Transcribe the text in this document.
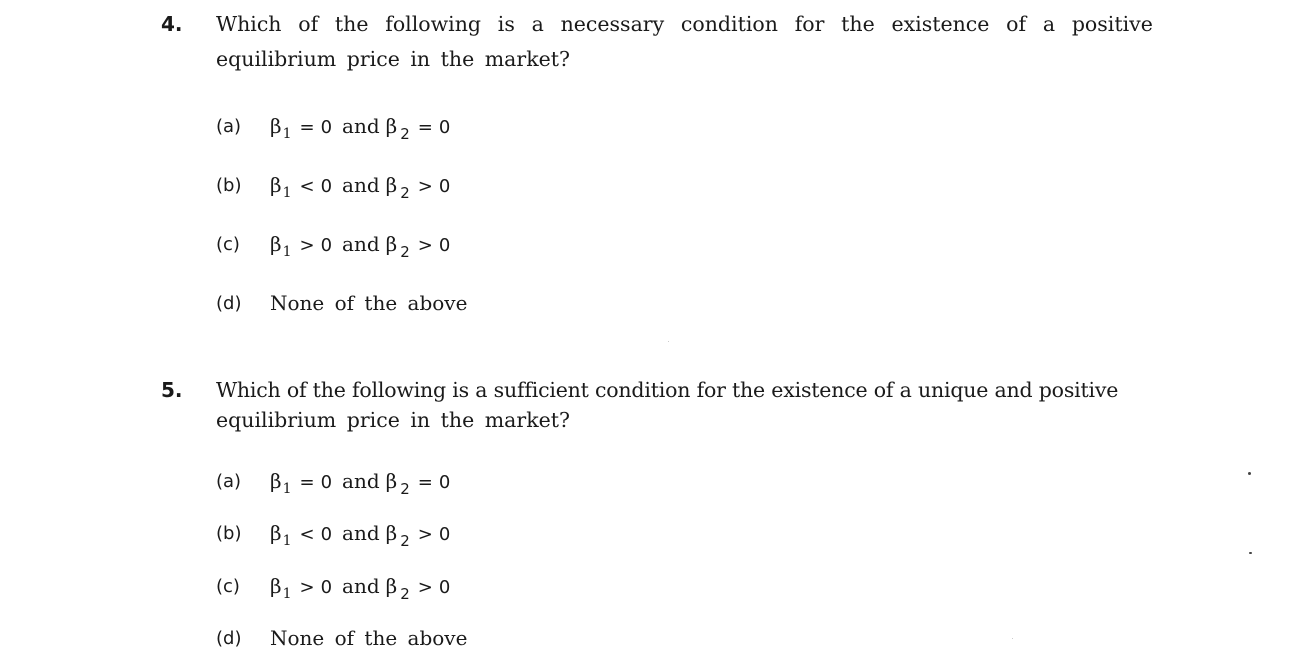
4. Which of the following is a necessary condition for the existence of a positive
equilibrium price in the market?
(a) $\beta_1 = 0$ and β $_2$ = 0
(b) $\beta_1 < 0$ and β $_2$ > 0
(c) $\beta_1 > 0$ and β $_2$ > 0
(d) None of the above
5. Which of the following is a sufficient condition for the existence of a unique and positive
equilibrium price in the market?
(a) $\beta_1 = 0$ and β $_2$ = 0
(b) $\beta_1 < 0$ and β $_2$ > 0
(c) $\beta_1 > 0$ and β $_2$ > 0
(d) None of the above
